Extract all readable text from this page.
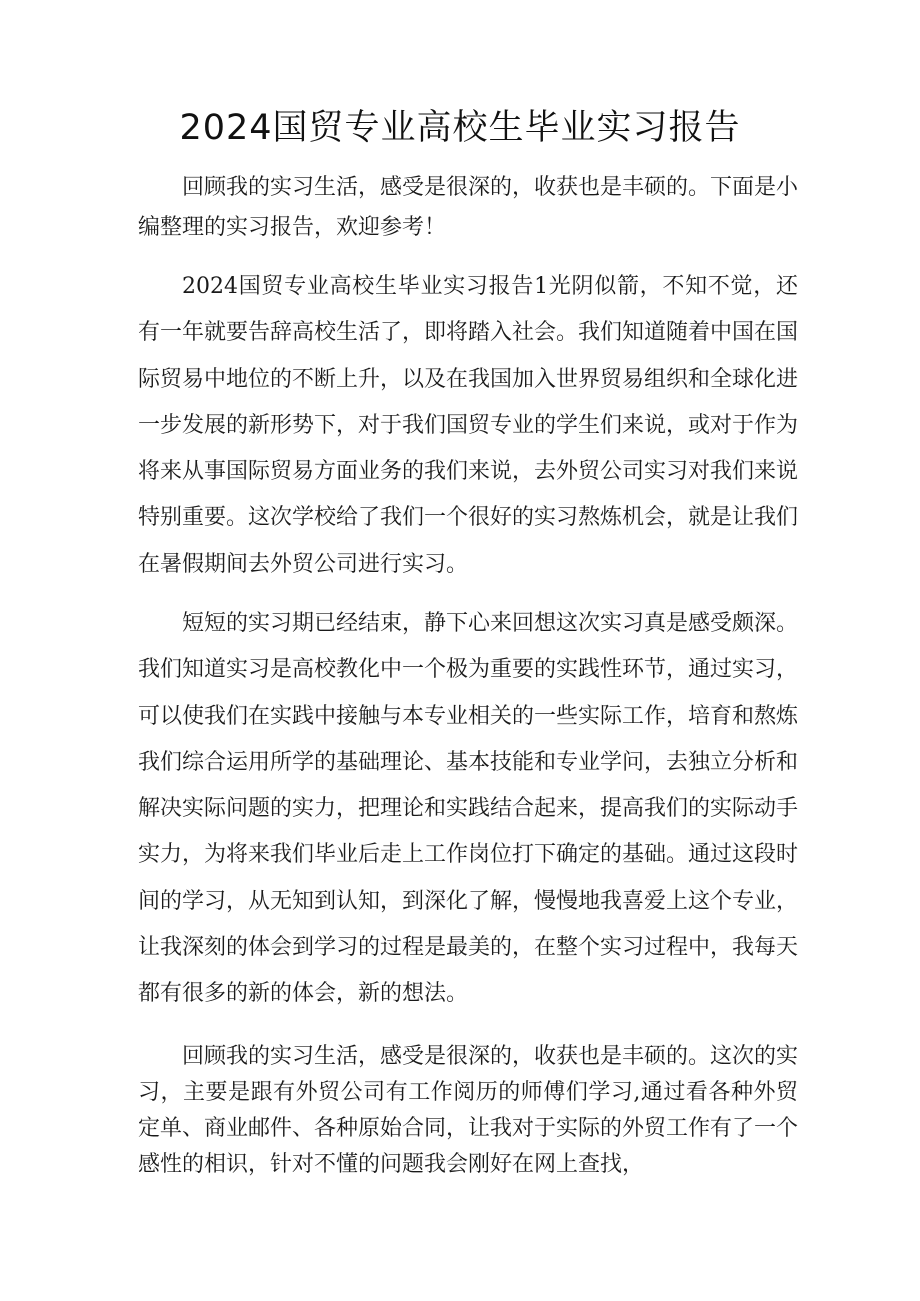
2024国贸专业高校生毕业实习报告

回顾我的实习生活，感受是很深的，收获也是丰硕的。下面是小编整理的实习报告，欢迎参考！

2024国贸专业高校生毕业实习报告1光阴似箭，不知不觉，还有一年就要告辞高校生活了，即将踏入社会。我们知道随着中国在国际贸易中地位的不断上升，以及在我国加入世界贸易组织和全球化进一步发展的新形势下，对于我们国贸专业的学生们来说，或对于作为将来从事国际贸易方面业务的我们来说，去外贸公司实习对我们来说特别重要。这次学校给了我们一个很好的实习熬炼机会，就是让我们在暑假期间去外贸公司进行实习。

短短的实习期已经结束，静下心来回想这次实习真是感受颇深。我们知道实习是高校教化中一个极为重要的实践性环节，通过实习，可以使我们在实践中接触与本专业相关的一些实际工作，培育和熬炼我们综合运用所学的基础理论、基本技能和专业学问，去独立分析和解决实际问题的实力，把理论和实践结合起来，提高我们的实际动手实力，为将来我们毕业后走上工作岗位打下确定的基础。通过这段时间的学习，从无知到认知，到深化了解，慢慢地我喜爱上这个专业，让我深刻的体会到学习的过程是最美的，在整个实习过程中，我每天都有很多的新的体会，新的想法。

回顾我的实习生活，感受是很深的，收获也是丰硕的。这次的实习，主要是跟有外贸公司有工作阅历的师傅们学习,通过看各种外贸定单、商业邮件、各种原始合同，让我对于实际的外贸工作有了一个感性的相识，针对不懂的问题我会刚好在网上查找，
